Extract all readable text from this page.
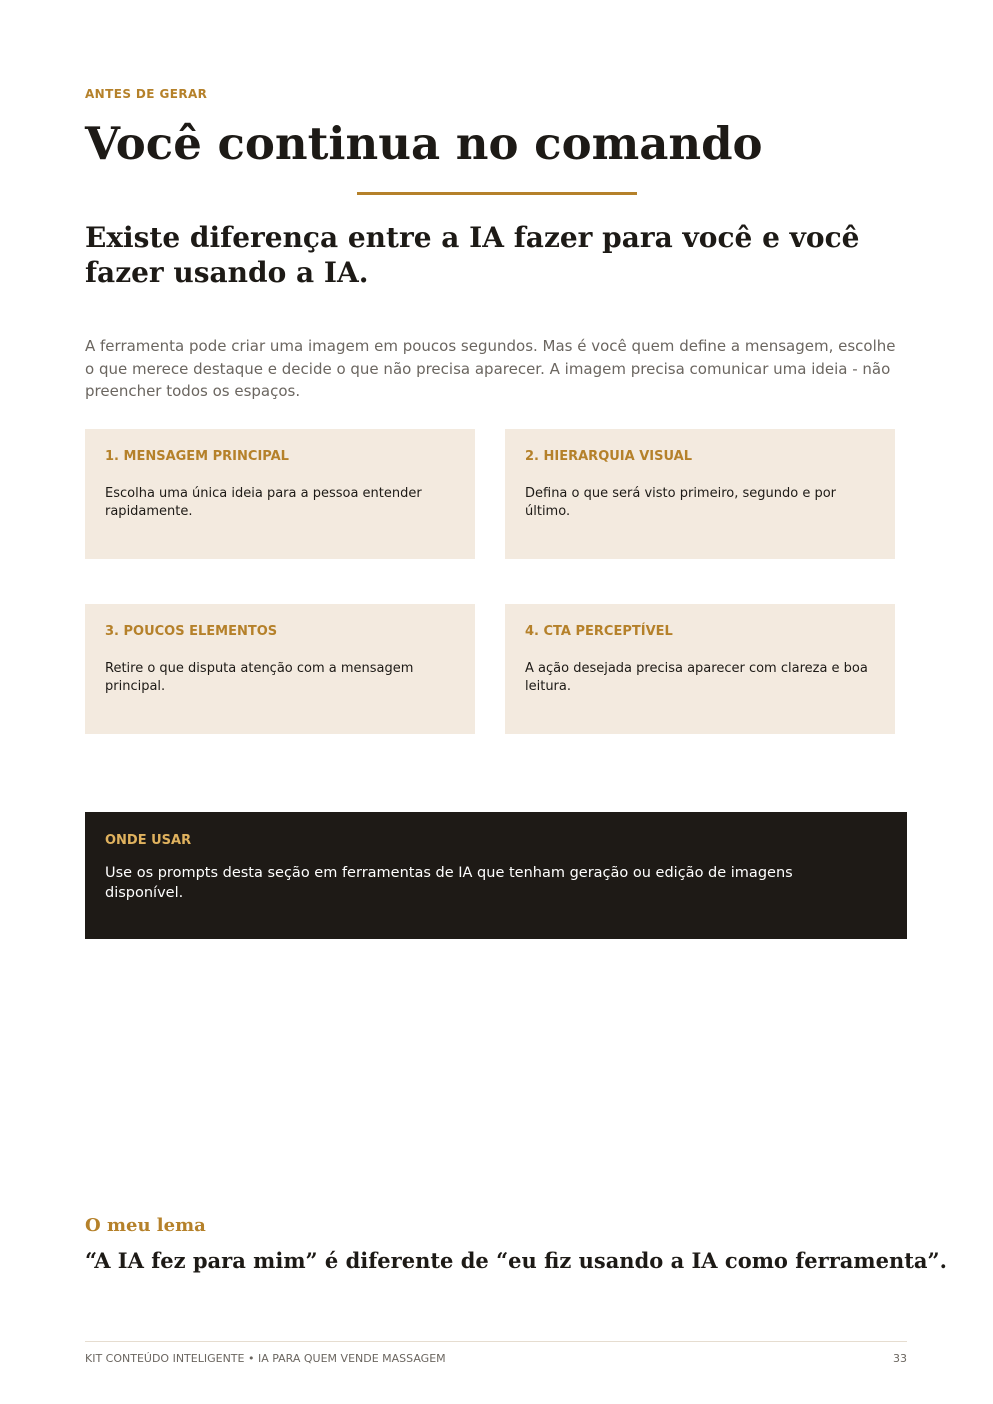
ANTES DE GERAR
Você continua no comando
Existe diferença entre a IA fazer para você e você fazer usando a IA.

A ferramenta pode criar uma imagem em poucos segundos. Mas é você quem define a mensagem, escolhe o que merece destaque e decide o que não precisa aparecer. A imagem precisa comunicar uma ideia - não preencher todos os espaços.

1. MENSAGEM PRINCIPAL

Escolha uma única ideia para a pessoa entender rapidamente.

2. HIERARQUIA VISUAL

Defina o que será visto primeiro, segundo e por último.

3. POUCOS ELEMENTOS

Retire o que disputa atenção com a mensagem principal.

4. CTA PERCEPTÍVEL

A ação desejada precisa aparecer com clareza e boa leitura.

ONDE USAR

Use os prompts desta seção em ferramentas de IA que tenham geração ou edição de imagens disponível.

O meu lema
“A IA fez para mim” é diferente de “eu fiz usando a IA como ferramenta”.
KIT CONTEÚDO INTELIGENTE • IA PARA QUEM VENDE MASSAGEM	33
